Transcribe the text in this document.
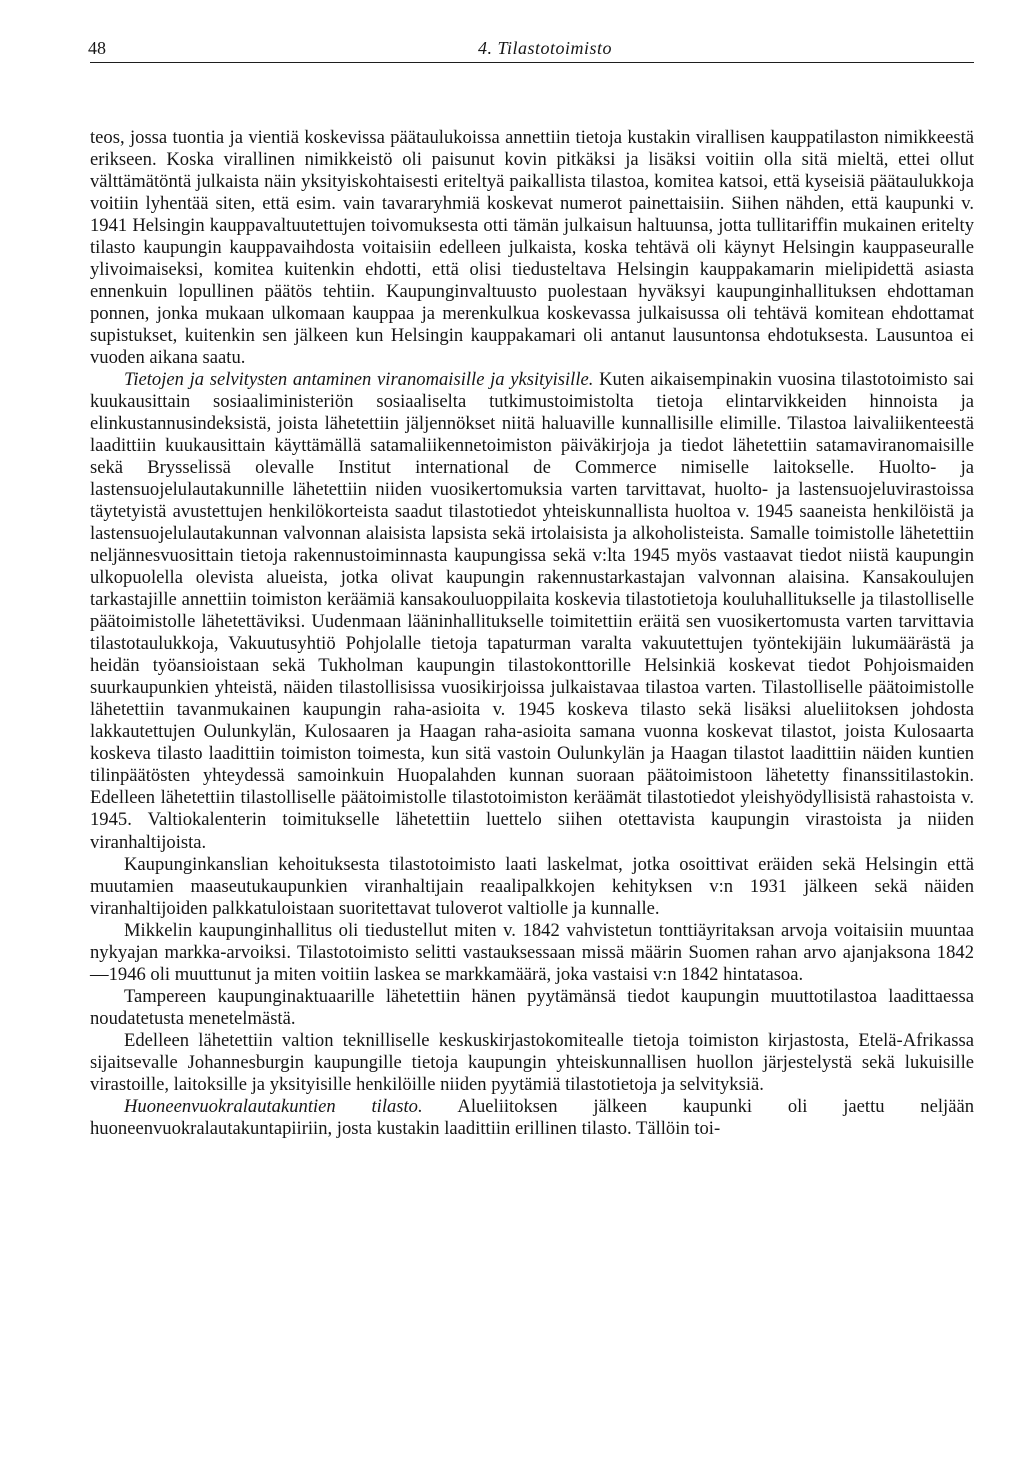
48	4. Tilastotoimisto

teos, jossa tuontia ja vientiä koskevissa päätaulukoissa annettiin tietoja kustakin virallisen kauppatilaston nimikkeestä erikseen. Koska virallinen nimikkeistö oli paisunut kovin pitkäksi ja lisäksi voitiin olla sitä mieltä, ettei ollut välttämätöntä julkaista näin yksityiskohtaisesti eriteltyä paikallista tilastoa, komitea katsoi, että kyseisiä päätaulukkoja voitiin lyhentää siten, että esim. vain tavararyhmiä koskevat numerot painettaisiin. Siihen nähden, että kaupunki v. 1941 Helsingin kauppavaltuutettujen toivomuksesta otti tämän julkaisun haltuunsa, jotta tullitariffin mukainen eritelty tilasto kaupungin kauppavaihdosta voitaisiin edelleen julkaista, koska tehtävä oli käynyt Helsingin kauppaseuralle ylivoimaiseksi, komitea kuitenkin ehdotti, että olisi tiedusteltava Helsingin kauppakamarin mielipidettä asiasta ennenkuin lopullinen päätös tehtiin. Kaupunginvaltuusto puolestaan hyväksyi kaupunginhallituksen ehdottaman ponnen, jonka mukaan ulkomaan kauppaa ja merenkulkua koskevassa julkaisussa oli tehtävä komitean ehdottamat supistukset, kuitenkin sen jälkeen kun Helsingin kauppakamari oli antanut lausuntonsa ehdotuksesta. Lausuntoa ei vuoden aikana saatu.

Tietojen ja selvitysten antaminen viranomaisille ja yksityisille. Kuten aikaisempinakin vuosina tilastotoimisto sai kuukausittain sosiaaliministeriön sosiaaliselta tutkimustoimistolta tietoja elintarvikkeiden hinnoista ja elinkustannusindeksistä, joista lähetettiin jäljennökset niitä haluaville kunnallisille elimille. Tilastoa laivaliikenteestä laadittiin kuukausittain käyttämällä satamaliikennetoimiston päiväkirjoja ja tiedot lähetettiin satamaviranomaisille sekä Brysselissä olevalle Institut international de Commerce nimiselle laitokselle. Huolto- ja lastensuojelulautakunnille lähetettiin niiden vuosikertomuksia varten tarvittavat, huolto- ja lastensuojeluvirastoissa täytetyistä avustettujen henkilökorteista saadut tilastotiedot yhteiskunnallista huoltoa v. 1945 saaneista henkilöistä ja lastensuojelulautakunnan valvonnan alaisista lapsista sekä irtolaisista ja alkoholisteista. Samalle toimistolle lähetettiin neljännesvuosittain tietoja rakennustoiminnasta kaupungissa sekä v:lta 1945 myös vastaavat tiedot niistä kaupungin ulkopuolella olevista alueista, jotka olivat kaupungin rakennustarkastajan valvonnan alaisina. Kansakoulujen tarkastajille annettiin toimiston keräämiä kansakouluoppilaita koskevia tilastotietoja kouluhallitukselle ja tilastolliselle päätoimistolle lähetettäviksi. Uudenmaan lääninhallitukselle toimitettiin eräitä sen vuosikertomusta varten tarvittavia tilastotaulukkoja, Vakuutusyhtiö Pohjolalle tietoja tapaturman varalta vakuutettujen työntekijäin lukumäärästä ja heidän työansioistaan sekä Tukholman kaupungin tilastokonttorille Helsinkiä koskevat tiedot Pohjoismaiden suurkaupunkien yhteistä, näiden tilastollisissa vuosikirjoissa julkaistavaa tilastoa varten. Tilastolliselle päätoimistolle lähetettiin tavanmukainen kaupungin raha-asioita v. 1945 koskeva tilasto sekä lisäksi alueliitoksen johdosta lakkautettujen Oulunkylän, Kulosaaren ja Haagan raha-asioita samana vuonna koskevat tilastot, joista Kulosaarta koskeva tilasto laadittiin toimiston toimesta, kun sitä vastoin Oulunkylän ja Haagan tilastot laadittiin näiden kuntien tilinpäätösten yhteydessä samoinkuin Huopalahden kunnan suoraan päätoimistoon lähetetty finanssitilastokin. Edelleen lähetettiin tilastolliselle päätoimistolle tilastotoimiston keräämät tilastotiedot yleishyödyllisistä rahastoista v. 1945. Valtiokalenterin toimitukselle lähetettiin luettelo siihen otettavista kaupungin virastoista ja niiden viranhaltijoista.

Kaupunginkanslian kehoituksesta tilastotoimisto laati laskelmat, jotka osoittivat eräiden sekä Helsingin että muutamien maaseutukaupunkien viranhaltijain reaalipalkkojen kehityksen v:n 1931 jälkeen sekä näiden viranhaltijoiden palkkatuloistaan suoritettavat tuloverot valtiolle ja kunnalle.

Mikkelin kaupunginhallitus oli tiedustellut miten v. 1842 vahvistetun tonttiäyritaksan arvoja voitaisiin muuntaa nykyajan markka-arvoiksi. Tilastotoimisto selitti vastauksessaan missä määrin Suomen rahan arvo ajanjaksona 1842—1946 oli muuttunut ja miten voitiin laskea se markkamäärä, joka vastaisi v:n 1842 hintatasoa.

Tampereen kaupunginaktuaarille lähetettiin hänen pyytämänsä tiedot kaupungin muuttotilastoa laadittaessa noudatetusta menetelmästä.

Edelleen lähetettiin valtion teknilliselle keskuskirjastokomitealle tietoja toimiston kirjastosta, Etelä-Afrikassa sijaitsevalle Johannesburgin kaupungille tietoja kaupungin yhteiskunnallisen huollon järjestelystä sekä lukuisille virastoille, laitoksille ja yksityisille henkilöille niiden pyytämiä tilastotietoja ja selvityksiä.

Huoneenvuokralautakuntien tilasto. Alueliitoksen jälkeen kaupunki oli jaettu neljään huoneenvuokralautakuntapiiriin, josta kustakin laadittiin erillinen tilasto. Tällöin toi-
